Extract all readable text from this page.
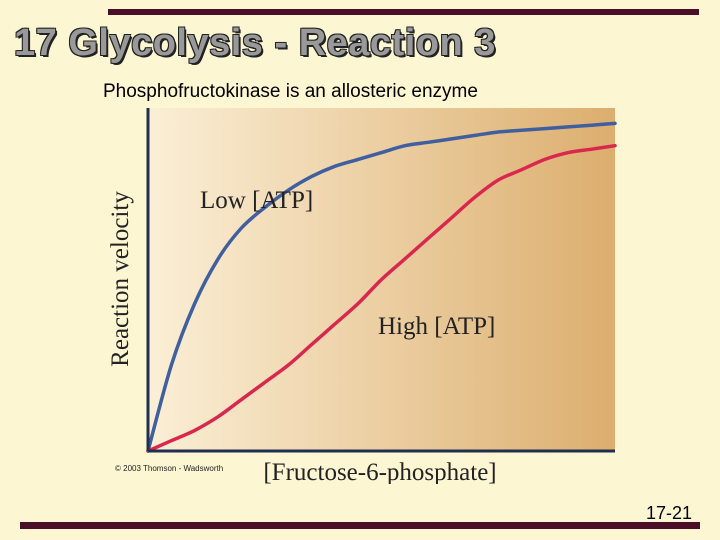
17 Glycolysis - Reaction 3
Phosphofructokinase is an allosteric enzyme
Reaction velocity
[Fructose-6-phosphate]
© 2003 Thomson - Wadsworth
Low [ATP]
High [ATP]
17-21
